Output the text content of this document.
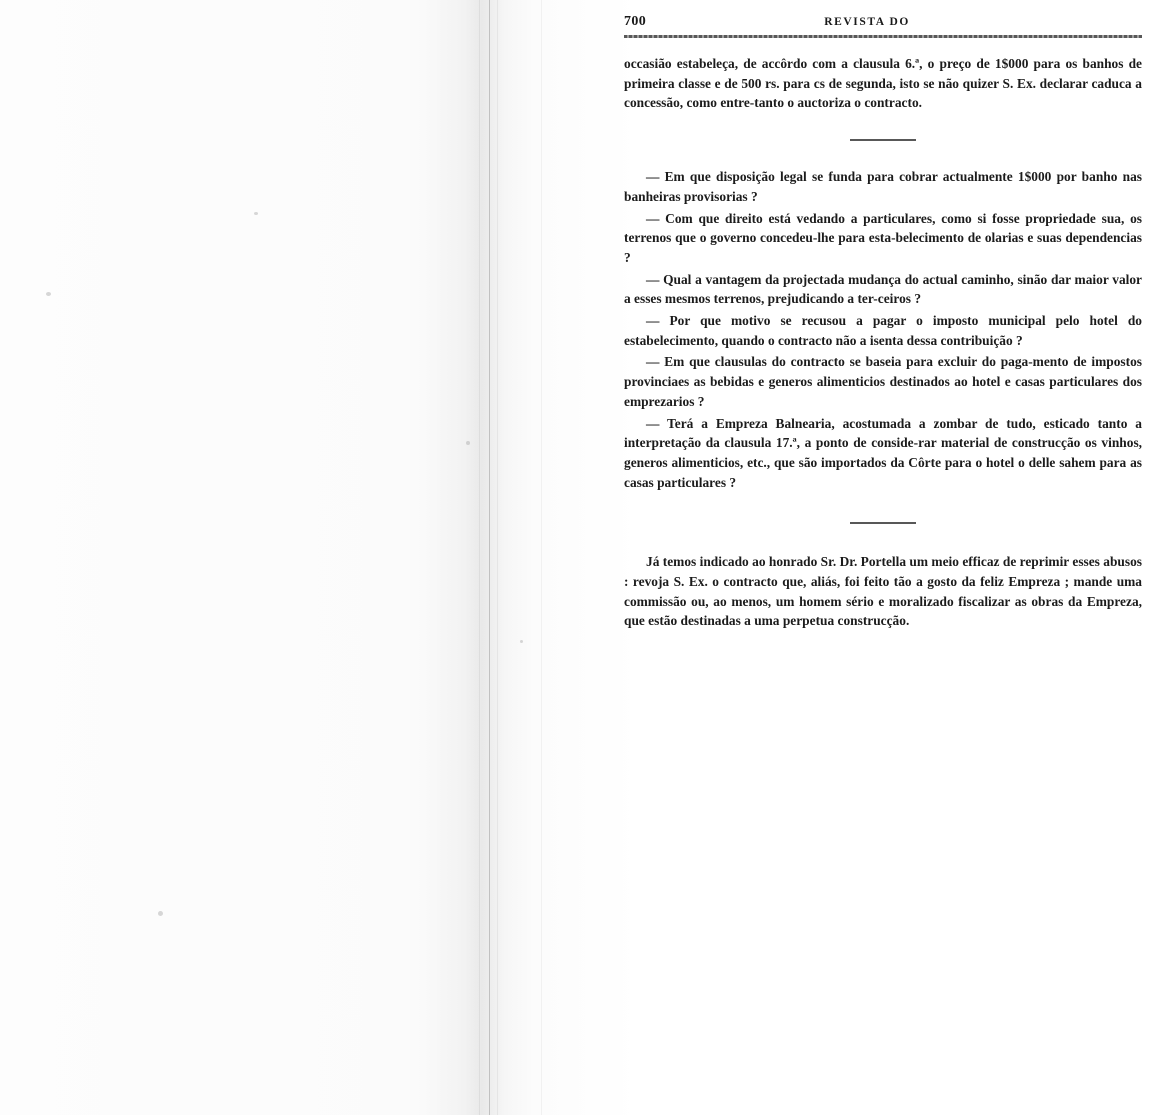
700	REVISTA DO

occasião estabeleça, de accôrdo com a clausula 6.ª, o preço de 1$000 para os banhos de primeira classe e de 500 rs. para cs de segunda, isto se não quizer S. Ex. declarar caduca a concessão, como entre-tanto o auctoriza o contracto.

— Em que disposição legal se funda para cobrar actualmente 1$000 por banho nas banheiras provisorias ?

— Com que direito está vedando a particulares, como si fosse propriedade sua, os terrenos que o governo concedeu-lhe para esta-belecimento de olarias e suas dependencias ?

— Qual a vantagem da projectada mudança do actual caminho, sinão dar maior valor a esses mesmos terrenos, prejudicando a ter-ceiros ?

— Por que motivo se recusou a pagar o imposto municipal pelo hotel do estabelecimento, quando o contracto não a isenta dessa contribuição ?

— Em que clausulas do contracto se baseia para excluir do paga-mento de impostos provinciaes as bebidas e generos alimenticios destinados ao hotel e casas particulares dos emprezarios ?

— Terá a Empreza Balnearia, acostumada a zombar de tudo, esticado tanto a interpretação da clausula 17.ª, a ponto de conside-rar material de construcção os vinhos, generos alimenticios, etc., que são importados da Côrte para o hotel o delle sahem para as casas particulares ?

Já temos indicado ao honrado Sr. Dr. Portella um meio efficaz de reprimir esses abusos : revoja S. Ex. o contracto que, aliás, foi feito tão a gosto da feliz Empreza ; mande uma commissão ou, ao menos, um homem sério e moralizado fiscalizar as obras da Empreza, que estão destinadas a uma perpetua construcção.
